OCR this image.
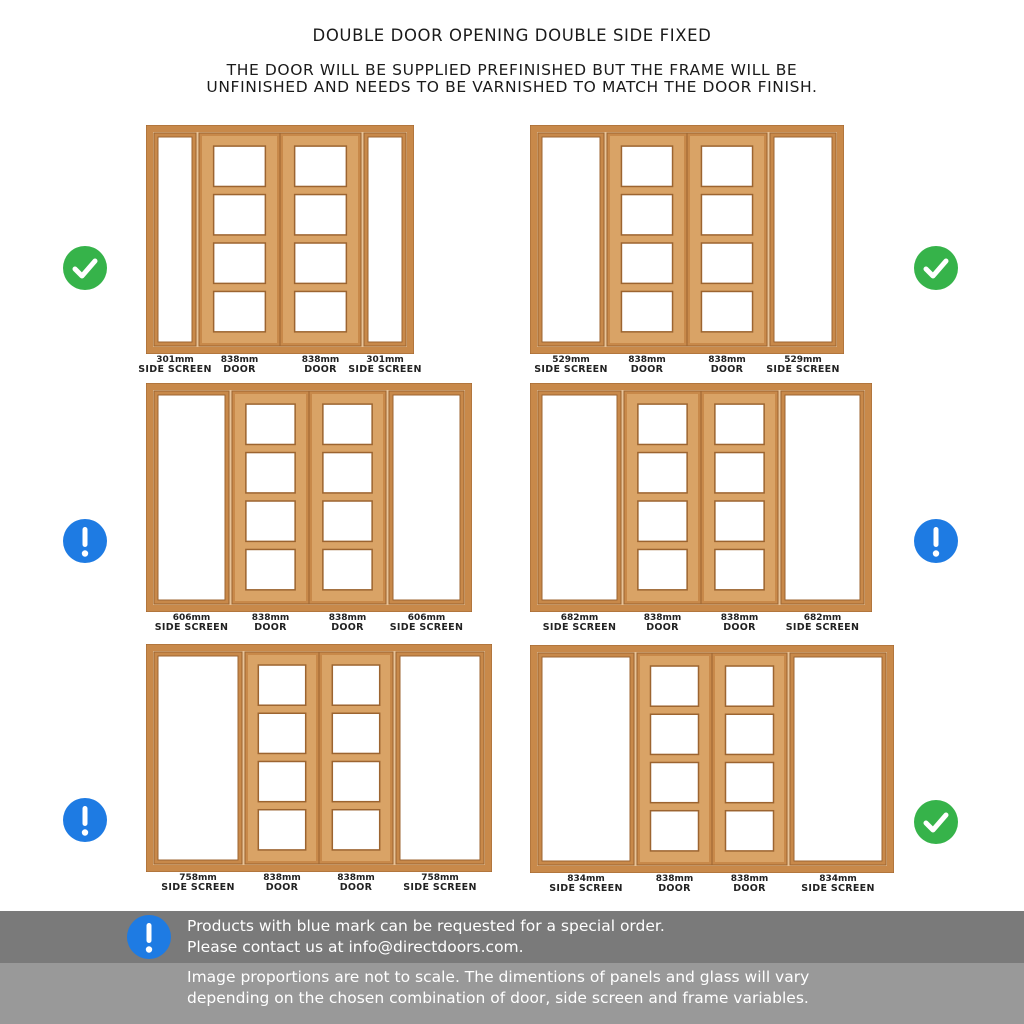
DOUBLE DOOR OPENING DOUBLE SIDE FIXED
THE DOOR WILL BE SUPPLIED PREFINISHED BUT THE FRAME WILL BE
UNFINISHED AND NEEDS TO BE VARNISHED TO MATCH THE DOOR FINISH.
301mm
SIDE SCREEN
838mm
DOOR
838mm
DOOR
301mm
SIDE SCREEN
529mm
SIDE SCREEN
838mm
DOOR
838mm
DOOR
529mm
SIDE SCREEN
606mm
SIDE SCREEN
838mm
DOOR
838mm
DOOR
606mm
SIDE SCREEN
682mm
SIDE SCREEN
838mm
DOOR
838mm
DOOR
682mm
SIDE SCREEN
758mm
SIDE SCREEN
838mm
DOOR
838mm
DOOR
758mm
SIDE SCREEN
834mm
SIDE SCREEN
838mm
DOOR
838mm
DOOR
834mm
SIDE SCREEN
Products with blue mark can be requested for a special order.
Please contact us at info@directdoors.com.
Image proportions are not to scale. The dimentions of panels and glass will vary
depending on the chosen combination of door, side screen and frame variables.
